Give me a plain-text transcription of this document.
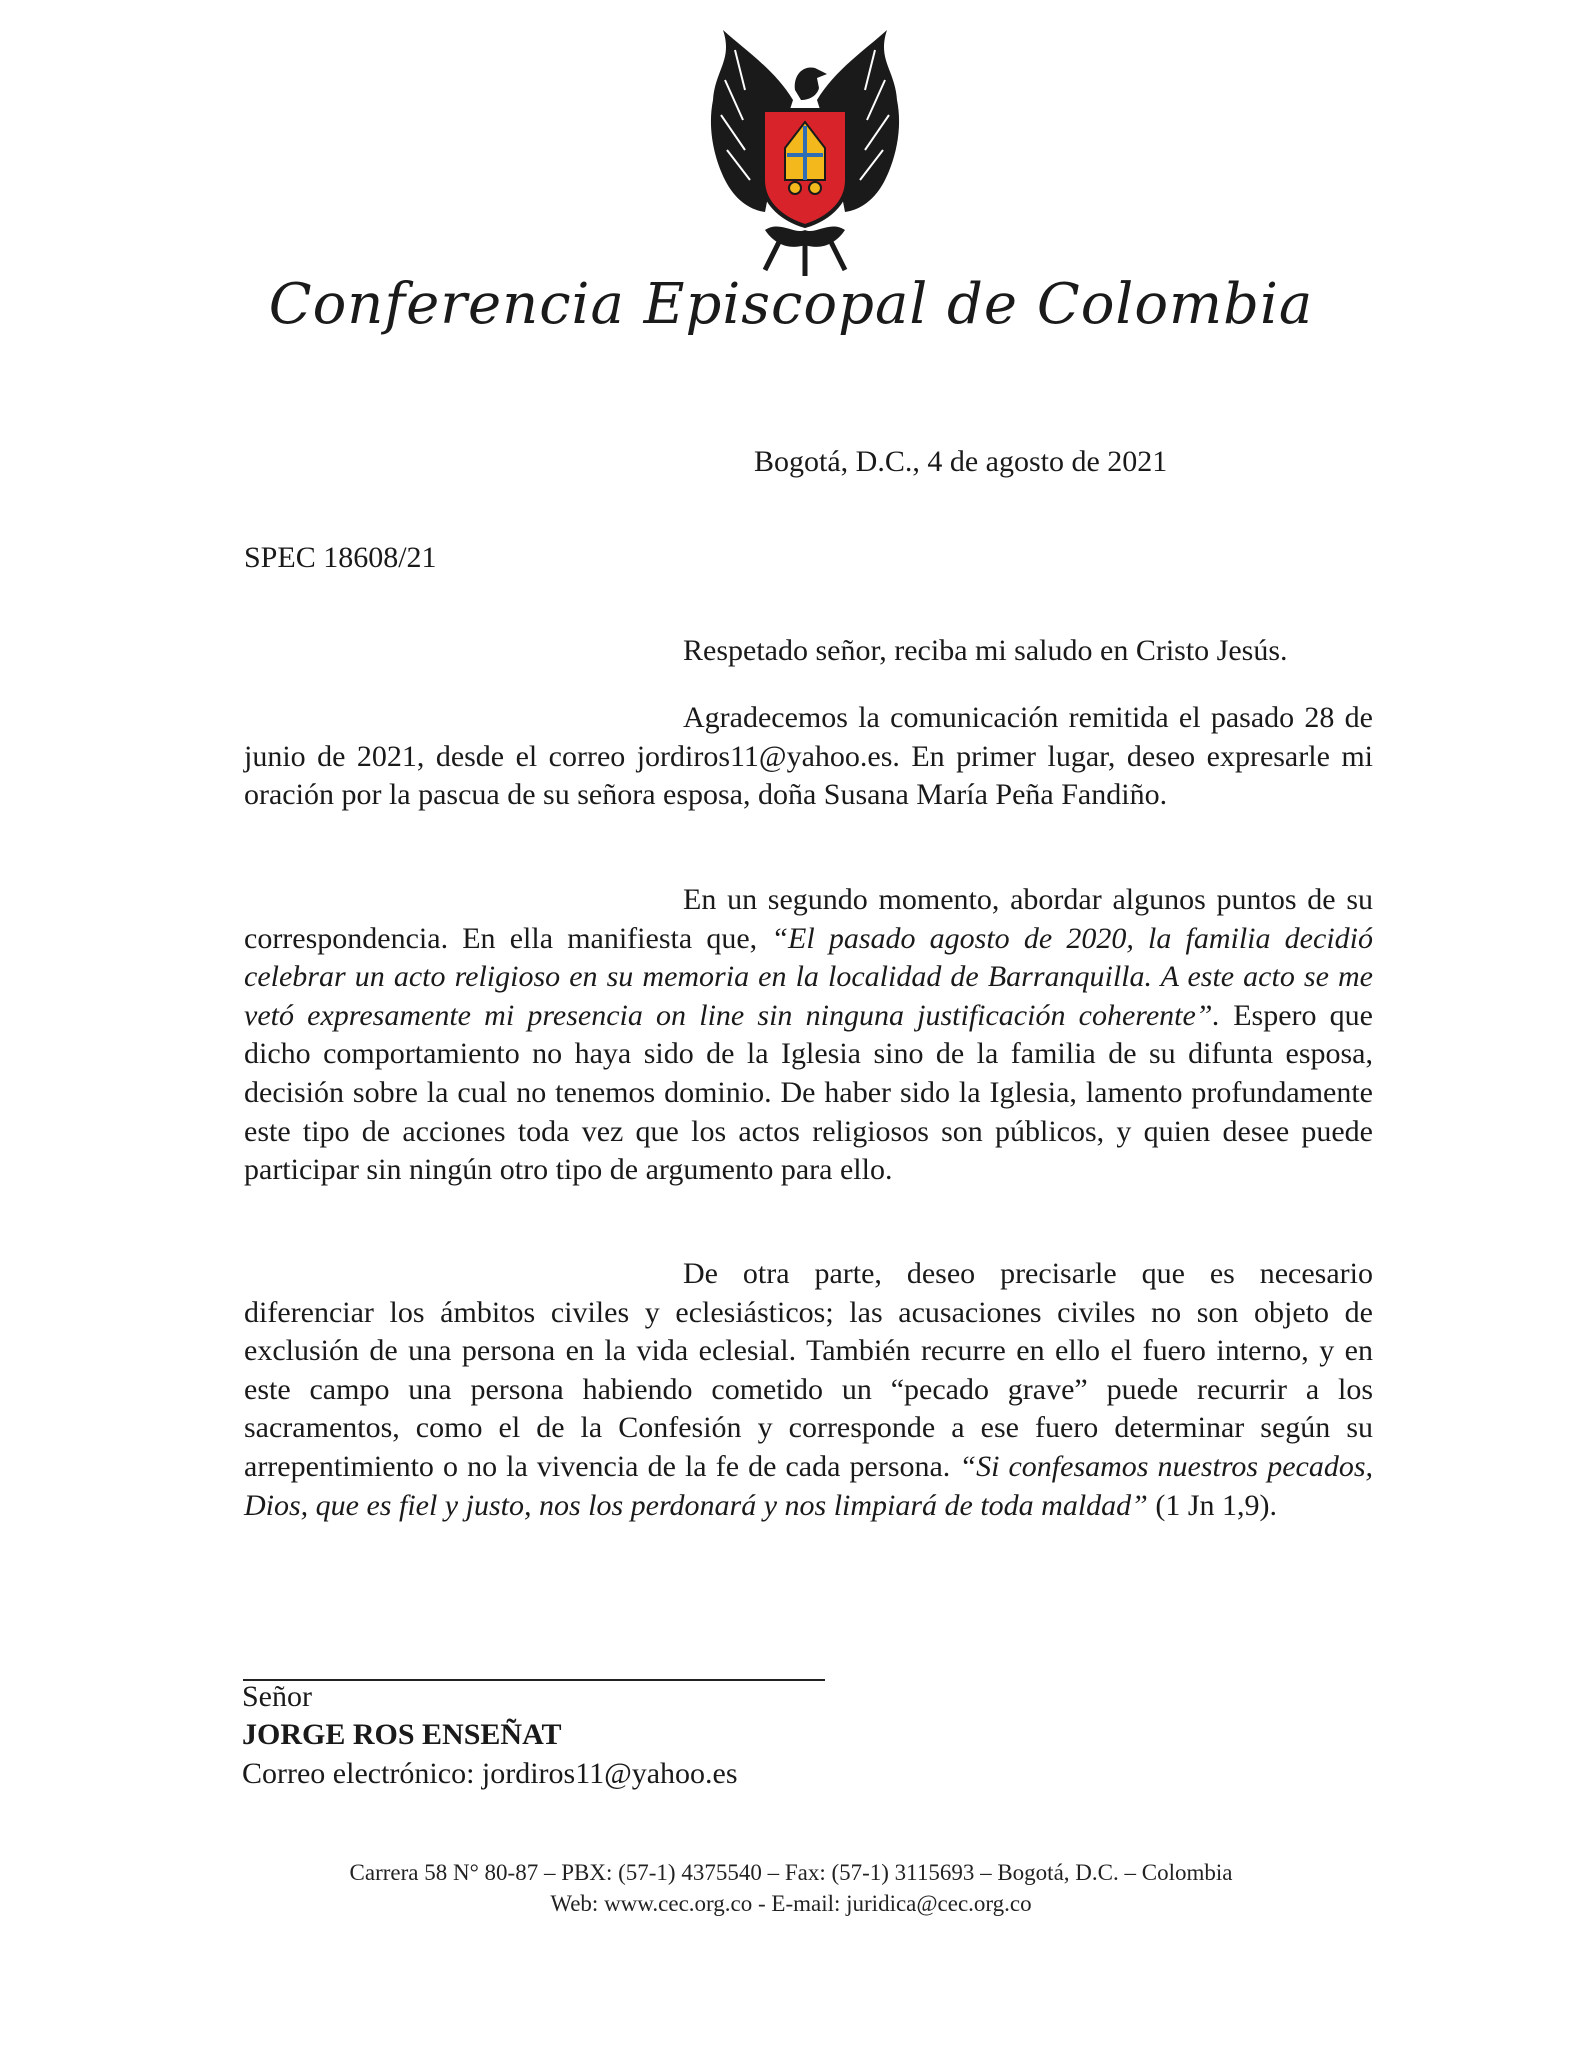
Conferencia Episcopal de Colombia
Bogotá, D.C., 4 de agosto de 2021
SPEC 18608/21
Respetado señor, reciba mi saludo en Cristo Jesús.

Agradecemos la comunicación remitida el pasado 28 de junio de 2021, desde el correo jordiros11@yahoo.es. En primer lugar, deseo expresarle mi oración por la pascua de su señora esposa, doña Susana María Peña Fandiño.

En un segundo momento, abordar algunos puntos de su correspondencia. En ella manifiesta que, “El pasado agosto de 2020, la familia decidió celebrar un acto religioso en su memoria en la localidad de Barranquilla. A este acto se me vetó expresamente mi presencia on line sin ninguna justificación coherente”. Espero que dicho comportamiento no haya sido de la Iglesia sino de la familia de su difunta esposa, decisión sobre la cual no tenemos dominio. De haber sido la Iglesia, lamento profundamente este tipo de acciones toda vez que los actos religiosos son públicos, y quien desee puede participar sin ningún otro tipo de argumento para ello.

De otra parte, deseo precisarle que es necesario diferenciar los ámbitos civiles y eclesiásticos; las acusaciones civiles no son objeto de exclusión de una persona en la vida eclesial. También recurre en ello el fuero interno, y en este campo una persona habiendo cometido un “pecado grave” puede recurrir a los sacramentos, como el de la Confesión y corresponde a ese fuero determinar según su arrepentimiento o no la vivencia de la fe de cada persona. “Si confesamos nuestros pecados, Dios, que es fiel y justo, nos los perdonará y nos limpiará de toda maldad” (1 Jn 1,9).

Señor
JORGE ROS ENSEÑAT
Correo electrónico: jordiros11@yahoo.es
Carrera 58 N° 80-87 – PBX: (57-1) 4375540 – Fax: (57-1) 3115693 – Bogotá, D.C. – Colombia
Web: www.cec.org.co - E-mail: juridica@cec.org.co
